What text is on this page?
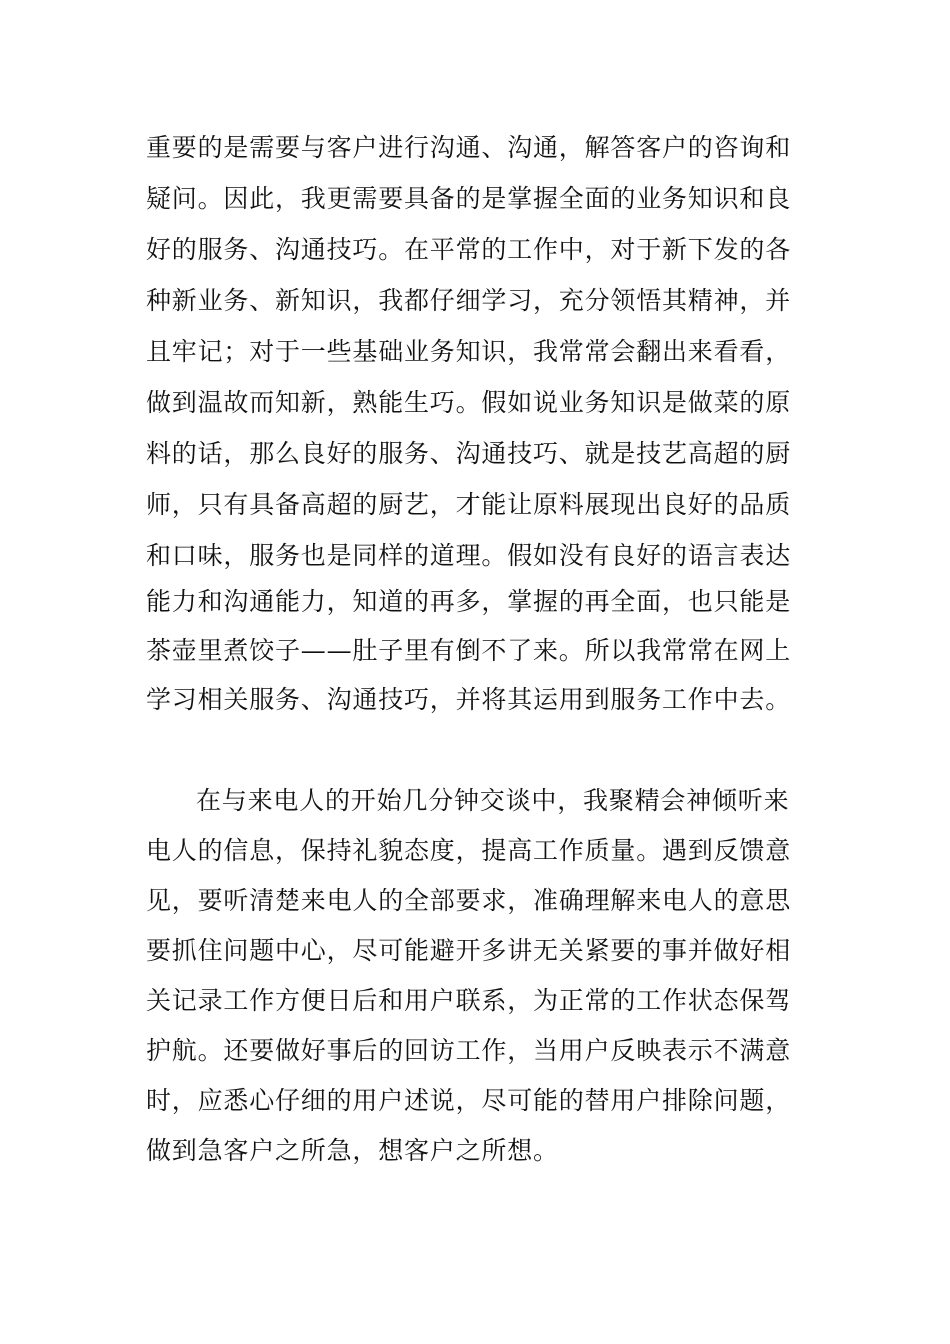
重要的是需要与客户进行沟通、沟通，解答客户的咨询和
疑问。因此，我更需要具备的是掌握全面的业务知识和良
好的服务、沟通技巧。在平常的工作中，对于新下发的各
种新业务、新知识，我都仔细学习，充分领悟其精神，并
且牢记；对于一些基础业务知识，我常常会翻出来看看，
做到温故而知新，熟能生巧。假如说业务知识是做菜的原
料的话，那么良好的服务、沟通技巧、就是技艺高超的厨
师，只有具备高超的厨艺，才能让原料展现出良好的品质
和口味，服务也是同样的道理。假如没有良好的语言表达
能力和沟通能力，知道的再多，掌握的再全面，也只能是
茶壶里煮饺子——肚子里有倒不了来。所以我常常在网上
学习相关服务、沟通技巧，并将其运用到服务工作中去。
在与来电人的开始几分钟交谈中，我聚精会神倾听来
电人的信息，保持礼貌态度，提高工作质量。遇到反馈意
见，要听清楚来电人的全部要求，准确理解来电人的意思
要抓住问题中心，尽可能避开多讲无关紧要的事并做好相
关记录工作方便日后和用户联系，为正常的工作状态保驾
护航。还要做好事后的回访工作，当用户反映表示不满意
时，应悉心仔细的用户述说，尽可能的替用户排除问题，
做到急客户之所急，想客户之所想。
